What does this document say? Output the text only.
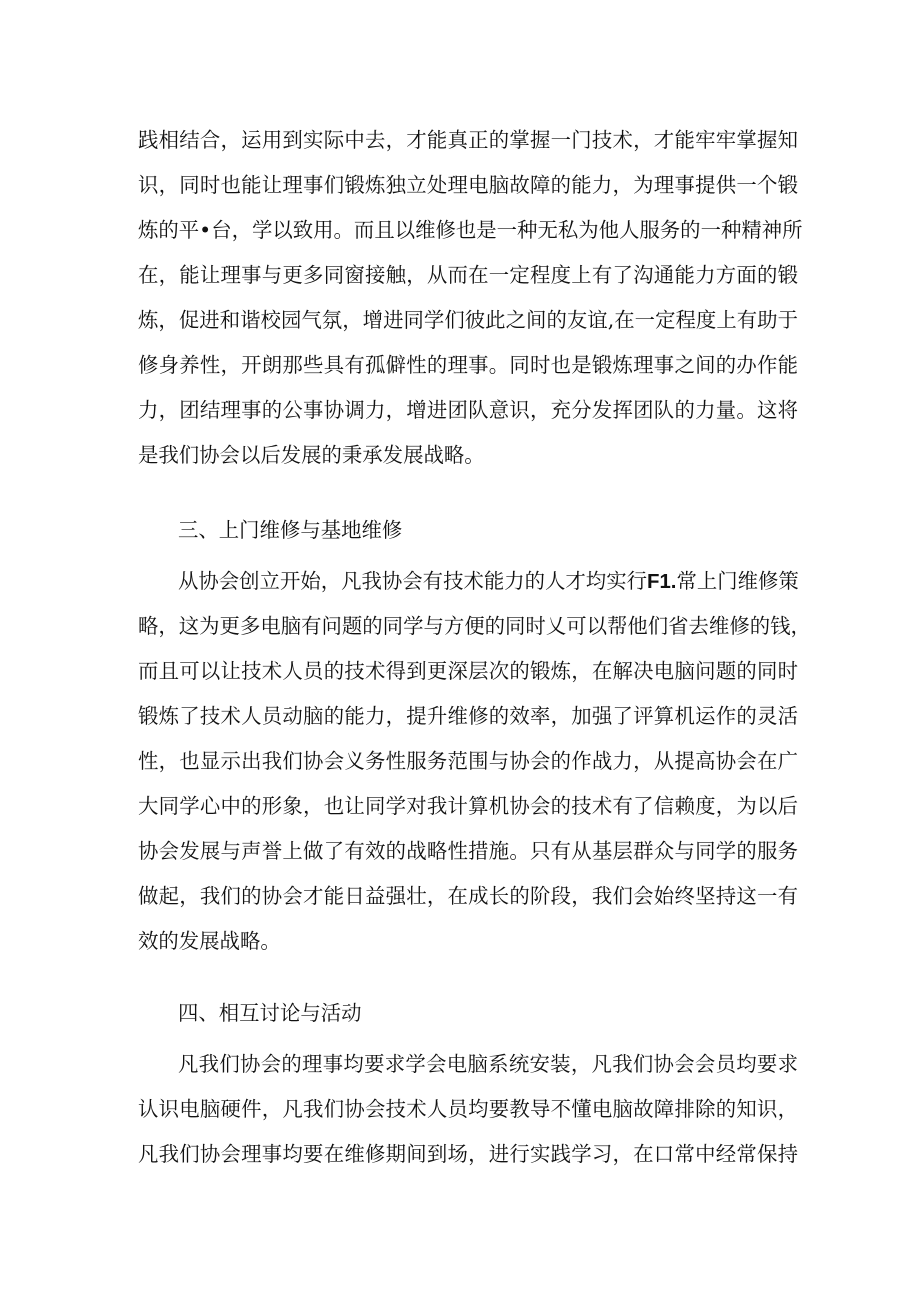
践相结合，运用到实际中去，才能真正的掌握一门技术，才能牢牢掌握知
识，同时也能让理事们锻炼独立处理电脑故障的能力，为理事提供一个锻
炼的平•台，学以致用。而且以维修也是一种无私为他人服务的一种精神所
在，能让理事与更多同窗接触，从而在一定程度上有了沟通能力方面的锻
炼，促进和谐校园气氛，增进同学们彼此之间的友谊,在一定程度上有助于
修身养性，开朗那些具有孤僻性的理事。同时也是锻炼理事之间的办作能
力，团结理事的公事协调力，增进团队意识，充分发挥团队的力量。这将
是我们协会以后发展的秉承发展战略。
三、上门维修与基地维修
从协会创立开始，凡我协会有技术能力的人才均实行F1.常上门维修策
略，这为更多电脑有问题的同学与方便的同时乂可以帮他们省去维修的钱，
而且可以让技术人员的技术得到更深层次的锻炼，在解决电脑问题的同时
锻炼了技术人员动脑的能力，提升维修的效率，加强了评算机运作的灵活
性，也显示出我们协会义务性服务范围与协会的作战力，从提高协会在广
大同学心中的形象，也让同学对我计算机协会的技术有了信赖度，为以后
协会发展与声誉上做了有效的战略性措施。只有从基层群众与同学的服务
做起，我们的协会才能日益强壮，在成长的阶段，我们会始终坚持这一有
效的发展战略。
四、相互讨论与活动
凡我们协会的理事均要求学会电脑系统安装，凡我们协会会员均要求
认识电脑硬件，凡我们协会技术人员均要教导不懂电脑故障排除的知识，
凡我们协会理事均要在维修期间到场，进行实践学习，在口常中经常保持
